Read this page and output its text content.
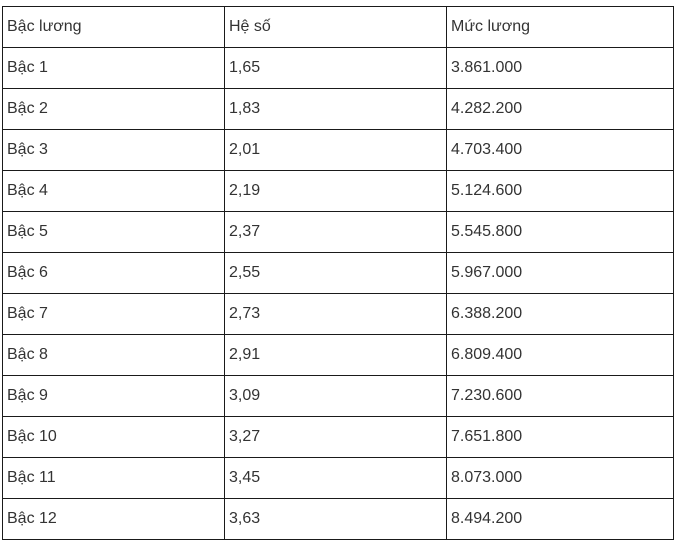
Bậc lương	Hệ số	Mức lương
Bậc 1	1,65	3.861.000
Bậc 2	1,83	4.282.200
Bậc 3	2,01	4.703.400
Bậc 4	2,19	5.124.600
Bậc 5	2,37	5.545.800
Bậc 6	2,55	5.967.000
Bậc 7	2,73	6.388.200
Bậc 8	2,91	6.809.400
Bậc 9	3,09	7.230.600
Bậc 10	3,27	7.651.800
Bậc 11	3,45	8.073.000
Bậc 12	3,63	8.494.200
